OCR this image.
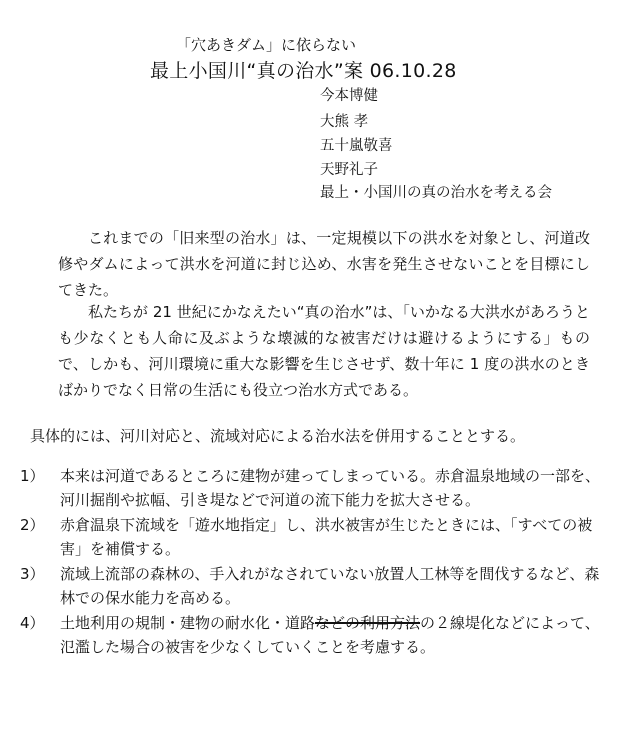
「穴あきダム」に依らない
最上小国川“真の治水”案 06.10.28
今本博健
大熊 孝
五十嵐敬喜
天野礼子
最上・小国川の真の治水を考える会

これまでの「旧来型の治水」は、一定規模以下の洪水を対象とし、河道改修やダムによって洪水を河道に封じ込め、水害を発生させないことを目標にしてきた。

私たちが 21 世紀にかなえたい“真の治水”は、「いかなる大洪水があろうとも少なくとも人命に及ぶような壊滅的な被害だけは避けるようにする」もので、しかも、河川環境に重大な影響を生じさせず、数十年に 1 度の洪水のときばかりでなく日常の生活にも役立つ治水方式である。

具体的には、河川対応と、流域対応による治水法を併用することとする。

1） 本来は河道であるところに建物が建ってしまっている。赤倉温泉地域の一部を、河川掘削や拡幅、引き堤などで河道の流下能力を拡大させる。
2） 赤倉温泉下流域を「遊水地指定」し、洪水被害が生じたときには、「すべての被害」を補償する。
3） 流域上流部の森林の、手入れがなされていない放置人工林等を間伐するなど、森林での保水能力を高める。
4） 土地利用の規制・建物の耐水化・道路などの利用方法の２線堤化などによって、氾濫した場合の被害を少なくしていくことを考慮する。
